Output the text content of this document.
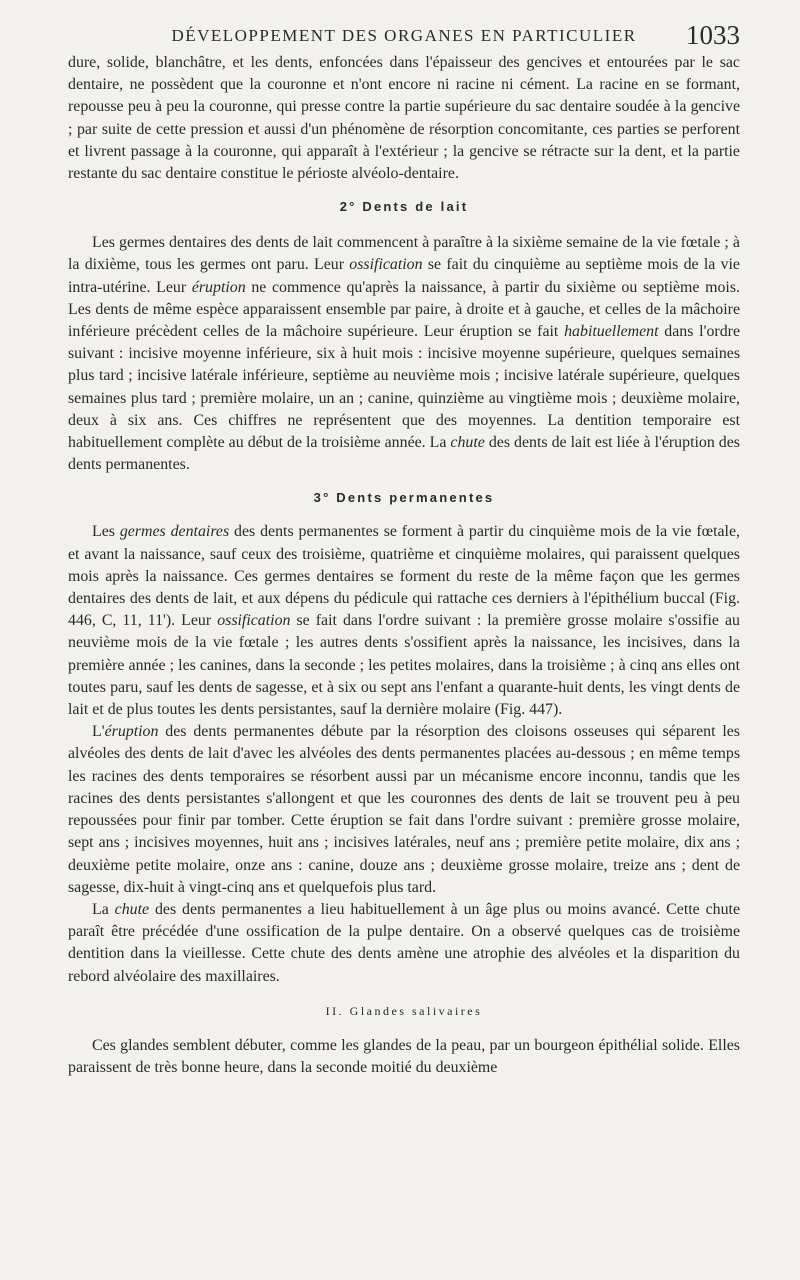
DÉVELOPPEMENT DES ORGANES EN PARTICULIER	1033

dure, solide, blanchâtre, et les dents, enfoncées dans l'épaisseur des gencives et entourées par le sac dentaire, ne possèdent que la couronne et n'ont encore ni racine ni cément. La racine en se formant, repousse peu à peu la couronne, qui presse contre la partie supérieure du sac dentaire soudée à la gencive ; par suite de cette pression et aussi d'un phénomène de résorption concomitante, ces parties se perforent et livrent passage à la couronne, qui apparaît à l'extérieur ; la gencive se rétracte sur la dent, et la partie restante du sac dentaire constitue le périoste alvéolo-dentaire.

2° Dents de lait

Les germes dentaires des dents de lait commencent à paraître à la sixième semaine de la vie fœtale ; à la dixième, tous les germes ont paru. Leur ossification se fait du cinquième au septième mois de la vie intra-utérine. Leur éruption ne commence qu'après la naissance, à partir du sixième ou septième mois. Les dents de même espèce apparaissent ensemble par paire, à droite et à gauche, et celles de la mâchoire inférieure précèdent celles de la mâchoire supérieure. Leur éruption se fait habituellement dans l'ordre suivant : incisive moyenne inférieure, six à huit mois : incisive moyenne supérieure, quelques semaines plus tard ; incisive latérale inférieure, septième au neuvième mois ; incisive latérale supérieure, quelques semaines plus tard ; première molaire, un an ; canine, quinzième au vingtième mois ; deuxième molaire, deux à six ans. Ces chiffres ne représentent que des moyennes. La dentition temporaire est habituellement complète au début de la troisième année. La chute des dents de lait est liée à l'éruption des dents permanentes.

3° Dents permanentes

Les germes dentaires des dents permanentes se forment à partir du cinquième mois de la vie fœtale, et avant la naissance, sauf ceux des troisième, quatrième et cinquième molaires, qui paraissent quelques mois après la naissance. Ces germes dentaires se forment du reste de la même façon que les germes dentaires des dents de lait, et aux dépens du pédicule qui rattache ces derniers à l'épithélium buccal (Fig. 446, C, 11, 11'). Leur ossification se fait dans l'ordre suivant : la première grosse molaire s'ossifie au neuvième mois de la vie fœtale ; les autres dents s'ossifient après la naissance, les incisives, dans la première année ; les canines, dans la seconde ; les petites molaires, dans la troisième ; à cinq ans elles ont toutes paru, sauf les dents de sagesse, et à six ou sept ans l'enfant a quarante-huit dents, les vingt dents de lait et de plus toutes les dents persistantes, sauf la dernière molaire (Fig. 447).

L'éruption des dents permanentes débute par la résorption des cloisons osseuses qui séparent les alvéoles des dents de lait d'avec les alvéoles des dents permanentes placées au-dessous ; en même temps les racines des dents temporaires se résorbent aussi par un mécanisme encore inconnu, tandis que les racines des dents persistantes s'allongent et que les couronnes des dents de lait se trouvent peu à peu repoussées pour finir par tomber. Cette éruption se fait dans l'ordre suivant : première grosse molaire, sept ans ; incisives moyennes, huit ans ; incisives latérales, neuf ans ; première petite molaire, dix ans ; deuxième petite molaire, onze ans : canine, douze ans ; deuxième grosse molaire, treize ans ; dent de sagesse, dix-huit à vingt-cinq ans et quelquefois plus tard.

La chute des dents permanentes a lieu habituellement à un âge plus ou moins avancé. Cette chute paraît être précédée d'une ossification de la pulpe dentaire. On a observé quelques cas de troisième dentition dans la vieillesse. Cette chute des dents amène une atrophie des alvéoles et la disparition du rebord alvéolaire des maxillaires.

II. Glandes salivaires

Ces glandes semblent débuter, comme les glandes de la peau, par un bourgeon épithélial solide. Elles paraissent de très bonne heure, dans la seconde moitié du deuxième
